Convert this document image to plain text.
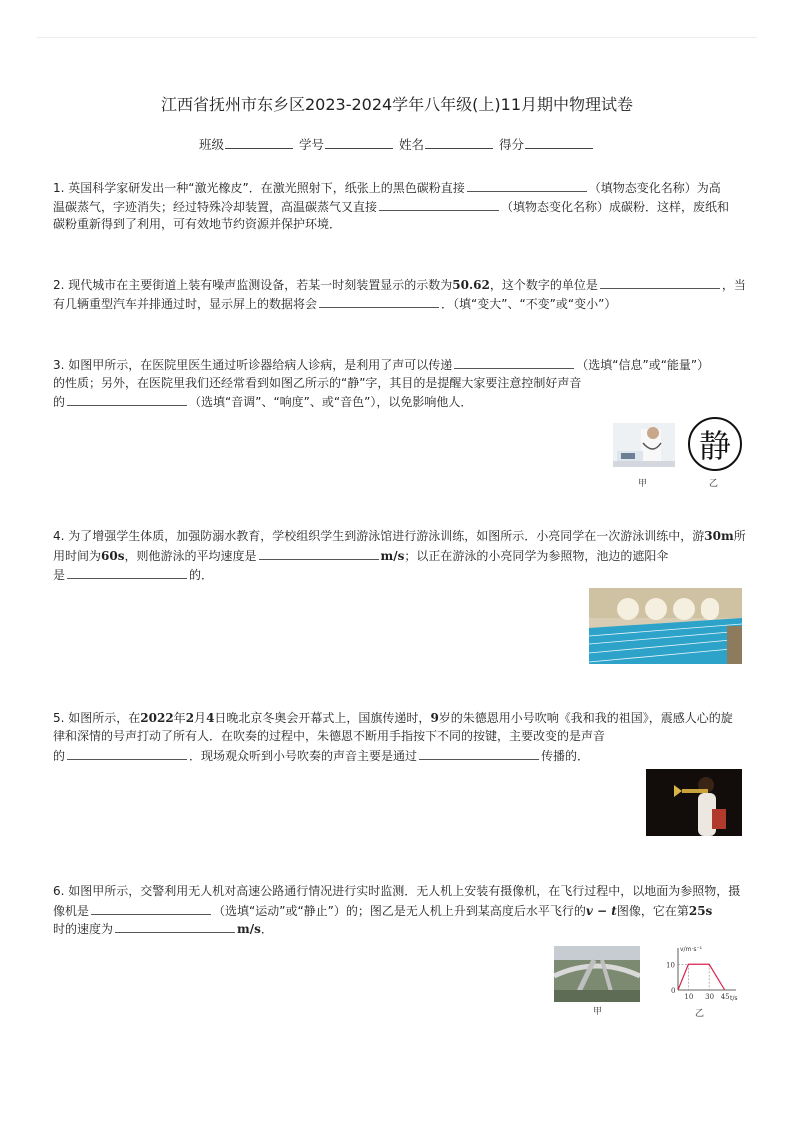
江西省抚州市东乡区2023-2024学年八年级(上)11月期中物理试卷
班级	学号	姓名	得分
1. 英国科学家研发出一种“激光橡皮”．在激光照射下，纸张上的黑色碳粉直接	（填物态变化名称）为高
温碳蒸气，字迹消失；经过特殊冷却装置，高温碳蒸气又直接	（填物态变化名称）成碳粉．这样，废纸和
碳粉重新得到了利用，可有效地节约资源并保护环境．
2. 现代城市在主要街道上装有噪声监测设备，若某一时刻装置显示的示数为50.62，这个数字的单位是	，当
有几辆重型汽车并排通过时，显示屏上的数据将会	．（填“变大”、“不变”或“变小”）
3. 如图甲所示，在医院里医生通过听诊器给病人诊病，是利用了声可以传递	（选填“信息”或“能量”）
的性质；另外，在医院里我们还经常看到如图乙所示的“静”字，其目的是提醒大家要注意控制好声音
的	（选填“音调”、“响度”、或“音色”），以免影响他人．
甲
静
乙
4. 为了增强学生体质，加强防溺水教育，学校组织学生到游泳馆进行游泳训练，如图所示．小亮同学在一次游泳训练中，游30m所
用时间为60s，则他游泳的平均速度是	m/s；以正在游泳的小亮同学为参照物，池边的遮阳伞
是	的．
5. 如图所示，在2022年2月4日晚北京冬奥会开幕式上，国旗传递时，9岁的朱德恩用小号吹响《我和我的祖国》，震感人心的旋
律和深情的号声打动了所有人．在吹奏的过程中，朱德恩不断用手指按下不同的按键，主要改变的是声音
的	．现场观众听到小号吹奏的声音主要是通过	传播的．
6. 如图甲所示，交警利用无人机对高速公路通行情况进行实时监测．无人机上安装有摄像机，在飞行过程中，以地面为参照物，摄
像机是	（选填“运动”或“静止”）的；图乙是无人机上升到某高度后水平飞行的v − t图像，它在第25s
时的速度为	m/s．
甲
v/m·s⁻¹
t/s
0
10
10 30 45
乙
